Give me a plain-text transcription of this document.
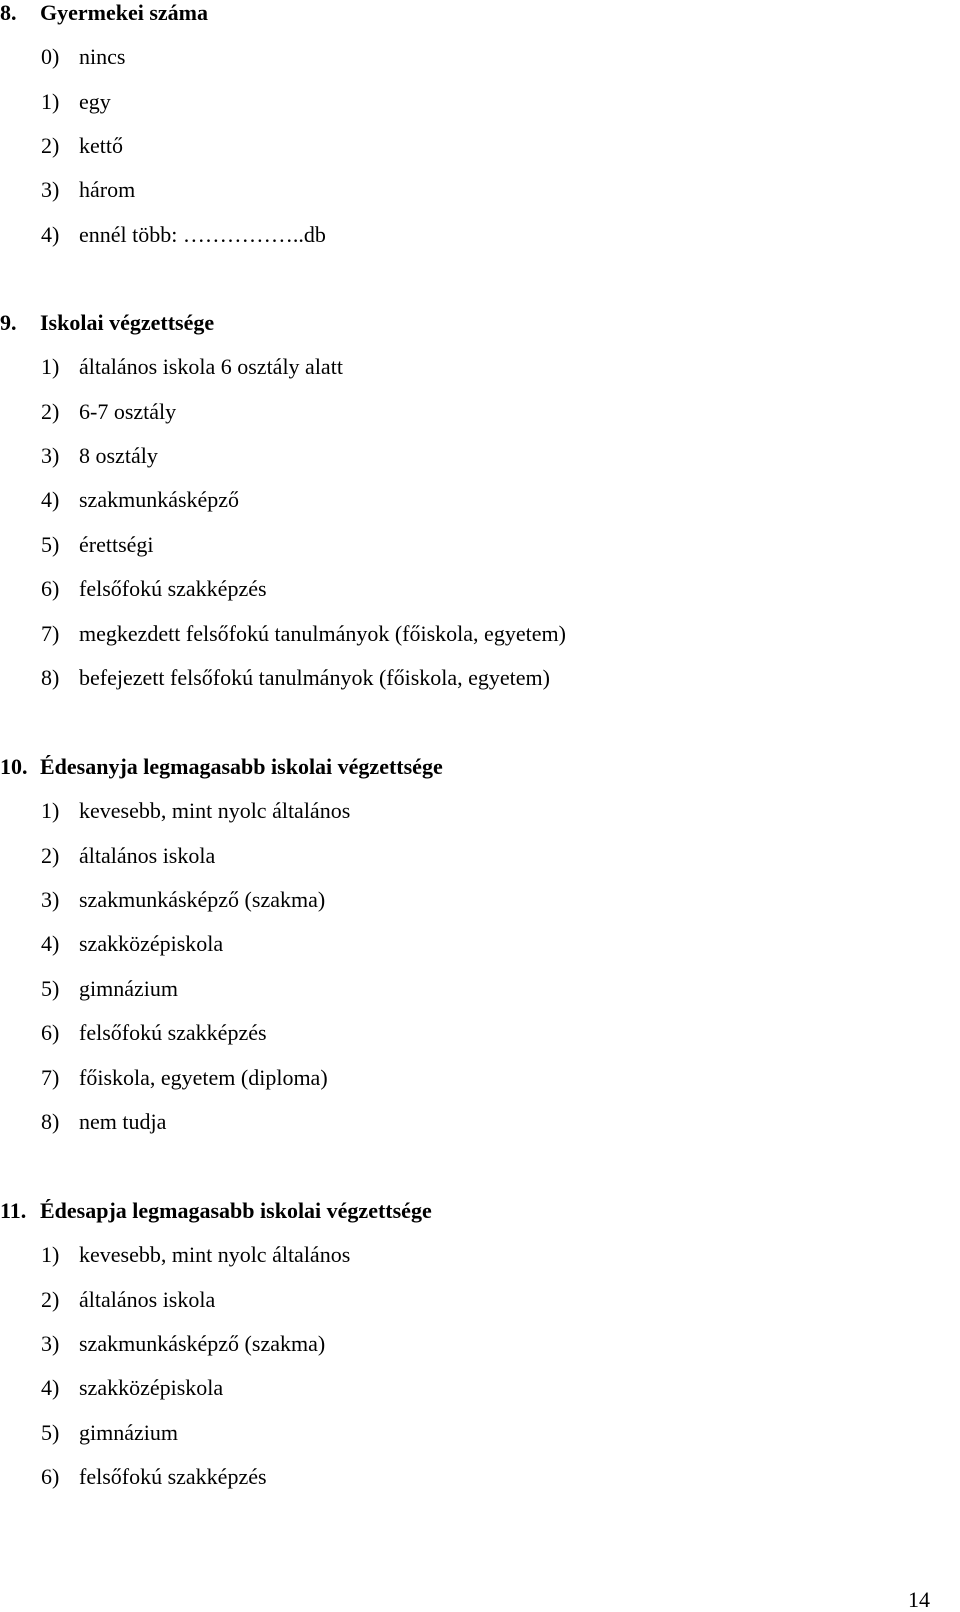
8. Gyermekei száma
0) nincs
1) egy
2) kettő
3) három
4) ennél több: ……………..db
9. Iskolai végzettsége
1) általános iskola 6 osztály alatt
2) 6-7 osztály
3) 8 osztály
4) szakmunkásképző
5) érettségi
6) felsőfokú szakképzés
7) megkezdett felsőfokú tanulmányok (főiskola, egyetem)
8) befejezett felsőfokú tanulmányok (főiskola, egyetem)
10. Édesanyja legmagasabb iskolai végzettsége
1) kevesebb, mint nyolc általános
2) általános iskola
3) szakmunkásképző (szakma)
4) szakközépiskola
5) gimnázium
6) felsőfokú szakképzés
7) főiskola, egyetem (diploma)
8) nem tudja
11. Édesapja legmagasabb iskolai végzettsége
1) kevesebb, mint nyolc általános
2) általános iskola
3) szakmunkásképző (szakma)
4) szakközépiskola
5) gimnázium
6) felsőfokú szakképzés
14
